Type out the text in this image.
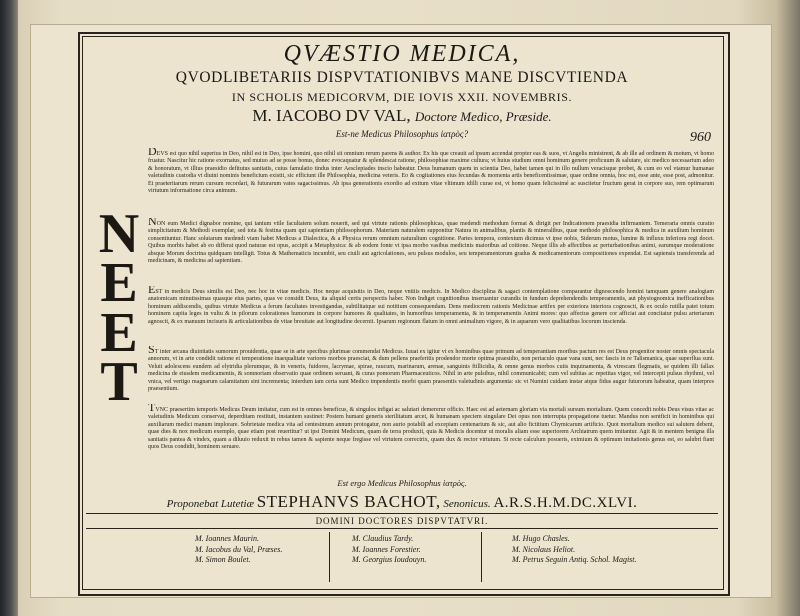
QVÆSTIO MEDICA,
QVODLIBETARIIS DISPVTATIONIBVS MANE DISCVTIENDA
IN SCHOLIS MEDICORVM, DIE IOVIS XXII. NOVEMBRIS.
M. IACOBO DV VAL, Doctore Medico, Præside.
Est-ne Medicus Philosophus ἰατρὸς?	960
N
E
E
T
DEVS est quo nihil superius in Deo, nihil est in Deo, ipse homini, quo nihil sit omnium rerum parens & author. Ex his que creauit ad ipsum accendat propter eas & suos, vt Angelis ministrent, & ab ille ad ordinem & motum, vt homo fruatur. Nascitur hic ratione exornatus, sed mutuo ad se posse bonus, donec evocaquatur & splendescat ratione, philosophiae maxime cultura; vt huius studium omni hominum genere proficuum & salutare, sic medico necessarium adeo & honoratum, vt illius praesidio defitutus sanitatis, cuius famulatio tindus inter Aesclepiades inscio habeatur. Deus humanum quem in scientia Deo, habet tamen qui in illo nullum veracisque probet, & cum eo vel vtamur humanae valetudinis custodia vt diuini nominis beneficium existit, sic efficiunt ille Philosophia, medicina veteris. Eo & cogitationes eius fecundas & momenta artis beneficentissimae, quae ordine omnia, hoc est, esse ante, esse post, admonitur. Et praeteritarum rerum cursum recordari, & futurarum vates sagacissimus. Ab ipsa generationis exordio ad exitum vitae vltimum idilli curae est, vt homo quam felicissimé ac suscitetur fructum gerat in corpore suo, rem optimarum virtutum informatione circa animum.
NON eum Medici dignabor nomine, qui tantum vtile facultatem solum nouerit, sed qui virtute rationis philosophicas, quae medendi methodum format & dirigit per Indicationem praesidia infirmantem. Temeraria omnis curatio simplicitatum & Methodi exemplar, sed tota & festina quam qui sapientiam philosophorum. Materiam naturalem supponitur Natura in animalibus, plantis & mineralibus, quae methodo philosophica & medica in auxilium hominum consentiuntur. Hanc solutarum medendi viam habet Medicus a Dialectica, & a Physica rerum omnium naturalium cognitione. Partes tempora, contextum dicimus vt ipse nobis, Siderum motus, lumine & influxu inferiora regi docet. Quibus morbis habet ab eo differat quod naturae est opus, accipit a Metaphysica: & ab eodem fonte vt ipsa morbo vasibus medicinis maioribus ad coitione. Neque illis ab affectibus ac perturbationibus animi, earumque moderatione absque Morum doctrina quidquam intelligit. Totus & Mathematicis incumbit, seu ciuili aut agricolationes, seu pulsus modulos, seu temperamentorum gradus & medicamentorum compositiones expendat. Est sapiensis transferenda ad medicinam, & medicina ad sapientiam.
EST in medicis Deus similis est Deo, nec hoc in vitae medicis. Hoc neque acquisitis in Deo, neque vnitiis medicis. In Medico disciplina & sagaci contemplatione comparantur dignoscendo homini tamquam genere analogiam anatomicam minutissimas quasque eius partes, quas ve considit Deus, ita aliquid certis perspectis haber. Non Indiget cognitionibus inseruantur curandis in fundum deprehendendis temperamentis, aut physiognomica inefficationibus hominum addiscendis, quibus virtute Medicus a ferum facultates investigandas, subtilitatque sui notitium consequendam. Dens mediocrem rationis Medicinae artifex per exteriora interiora cognoscit, & ex oculo rutilla patet totum hominem capita leges in vultu & in pilorum colorationes humorum in corpore humores & qualitates, in humoribus temperamenta, & in temperamentis Animi mores: quo affectus genere cor afficiat aut concitatur pulsu arteriarum agnoscit, & ex manuum incisuris & articulationibus de vitae breuitate aut longitudine decernit. Ipsarum regionum flatum in omni animalium vigore, & in aquarum vero qualitatibus locorum inscienda.
ST inter arcana diuinitatis sumorum prouidentia, quae se in arte specibus plurimae commendat Medicus. Iuuat ex igitur vt ex hominibus quae primum ad temperantiam moribus pactum res est Deus progenitor noster omnis spectacula annorum, vt in arte condidit ratione et temperatione inaequalitate variores morbos praesciat, & dum pellens praeferitis prodendor morte optima praesidio, non periaculo quae vana sunt, nec fascis in re Talismanica, quae superflua sunt. Veluit adolescens eundem ad elytridia plerumque, & in veneris, fuidores, lacrymae, spirae, raucum, marinarum, arenae, sanguinis ftillicidia, & omne genus morbos cutis inquinamenta, & virescam flegmatis, se quidem illi fallax medicina de eiusdem medicamentis, & somnoriam observatio quae ordinem seruant, & curas pomorum Pharmaceuticos. Nihil in arte pulsibus, nihil communicabit; cum vel subitas ac repetitas vigor, vel intercepti pulsus rhythmi, vel vnica, vel vertigo magnarum calamitatum sint incrementa; interdum tam certa sunt Medico impendentis morbi quam praesentis valetudinis argumenta: sic vt Numini cuidam instar atque fidus augur futurorum habeatur, quam interpres praesentium.
TVNC praesertim temporis Medicus Deum imitatur, cum est in omnes beneficus, & singulos infigat ac salutari demererur officio. Haec est ad aeternam gloriam via mortali sursum mortalium. Quem concedit nobis Deus visus vitae ac valetudinis Medicum conservat, deperditam restituit, instantem sustinet: Postem humani generis sterilitatum arcet, & humanam speciem singulare Dei opus non interrupta propagatione tuetur. Mandus non sentficit in hominibus qui auxiliarum medici manum implorare. Sobrietate medica vita ad centesimum annum protogatur, non aurio potabili ad excepiam centenarium & sic, aut alio fictitium Chymicarum artificio. Quot mortalium medico sui salutem debent, quae dies & nox medicum exemplo, quae etiam post reuertitur? ut ipsi Domini Medicum, quam de terra produxit, quia & Medicis docentur ut moralis aliam esse superiorem Archiatrum quem imitantur. Agit & in mentem benigna illa sanitatis pantea & vindex, quam a diluuio reduxit in rebus tamen & sapiente neque fregisse vel virtutem correctrix, quam dux & rector virtutum. Si recte calculum posueris, eximium & optimum imitationis genus est, eo salubri fiant quos Deus condidit, hominem seruare.
Est ergo Medicus Philosophus ἰατρὸς.
Proponebat Lutetiæ STEPHANVS BACHOT, Senonicus. A.R.S.H.M.DC.XLVI.
DOMINI DOCTORES DISPVTATVRI.
M. Ioannes Maurin.
M. Iacobus du Val, Præses.
M. Simon Boulet.
M. Claudius Tardy.
M. Ioannes Forestier.
M. Georgius Ioudouyn.
M. Hugo Chasles.
M. Nicolaus Heliot.
M. Petrus Seguin Antiq. Schol. Magist.
